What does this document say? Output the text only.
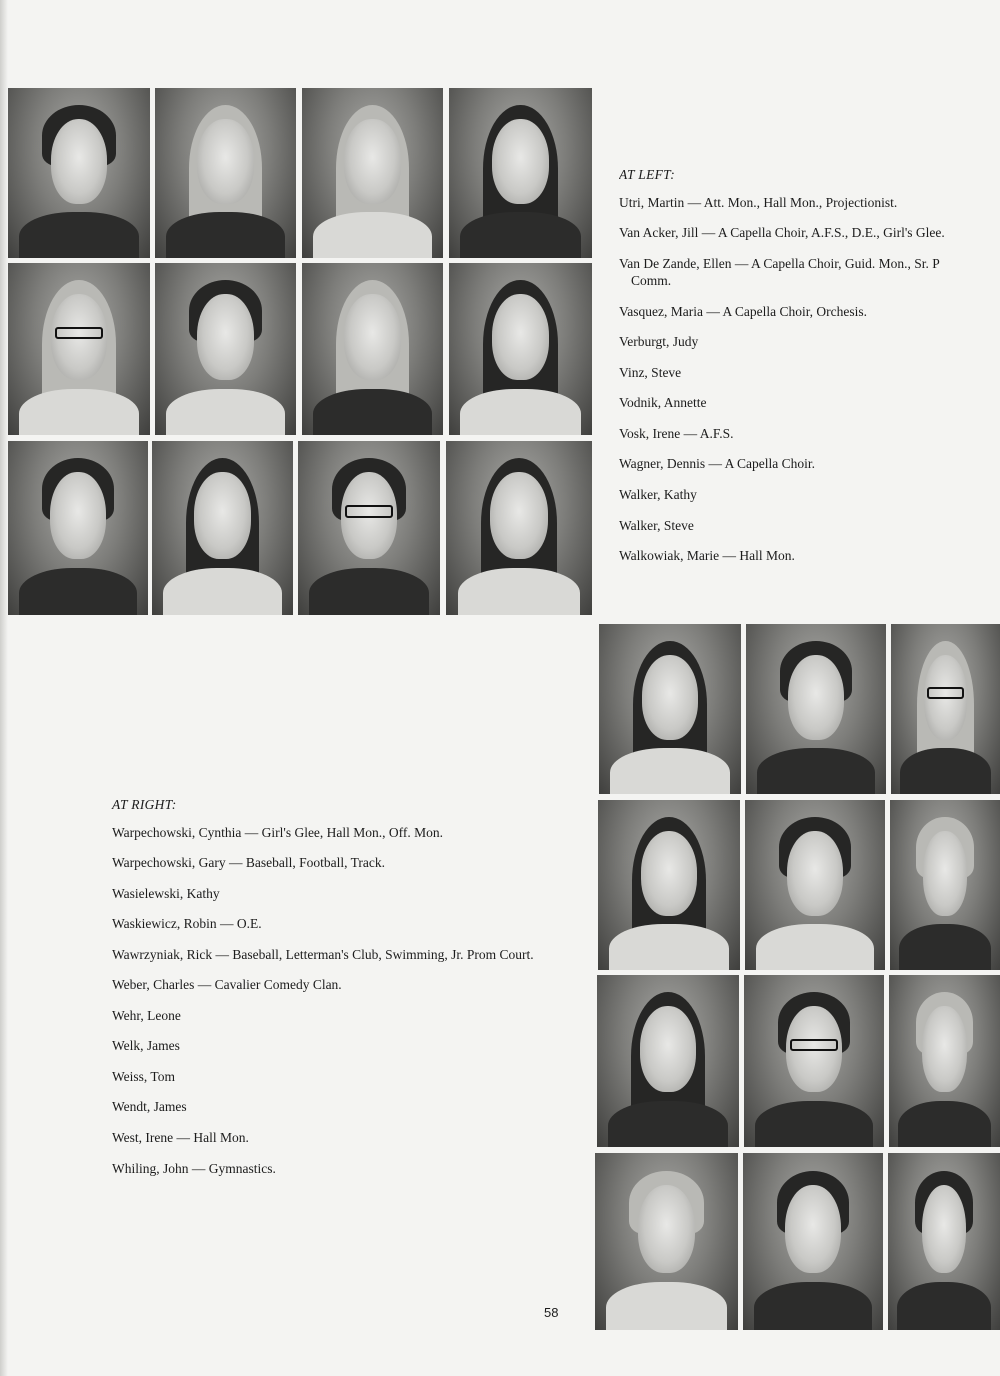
AT LEFT:
Utri, Martin — Att. Mon., Hall Mon., Projectionist.
Van Acker, Jill — A Capella Choir, A.F.S., D.E., Girl's Glee.
Van De Zande, Ellen — A Capella Choir, Guid. Mon., Sr. P
Comm.
Vasquez, Maria — A Capella Choir, Orchesis.
Verburgt, Judy
Vinz, Steve
Vodnik, Annette
Vosk, Irene — A.F.S.
Wagner, Dennis — A Capella Choir.
Walker, Kathy
Walker, Steve
Walkowiak, Marie — Hall Mon.
AT RIGHT:
Warpechowski, Cynthia — Girl's Glee, Hall Mon., Off. Mon.
Warpechowski, Gary — Baseball, Football, Track.
Wasielewski, Kathy
Waskiewicz, Robin — O.E.
Wawrzyniak, Rick — Baseball, Letterman's Club, Swimming, Jr. Prom Court.
Weber, Charles — Cavalier Comedy Clan.
Wehr, Leone
Welk, James
Weiss, Tom
Wendt, James
West, Irene — Hall Mon.
Whiling, John — Gymnastics.
58
